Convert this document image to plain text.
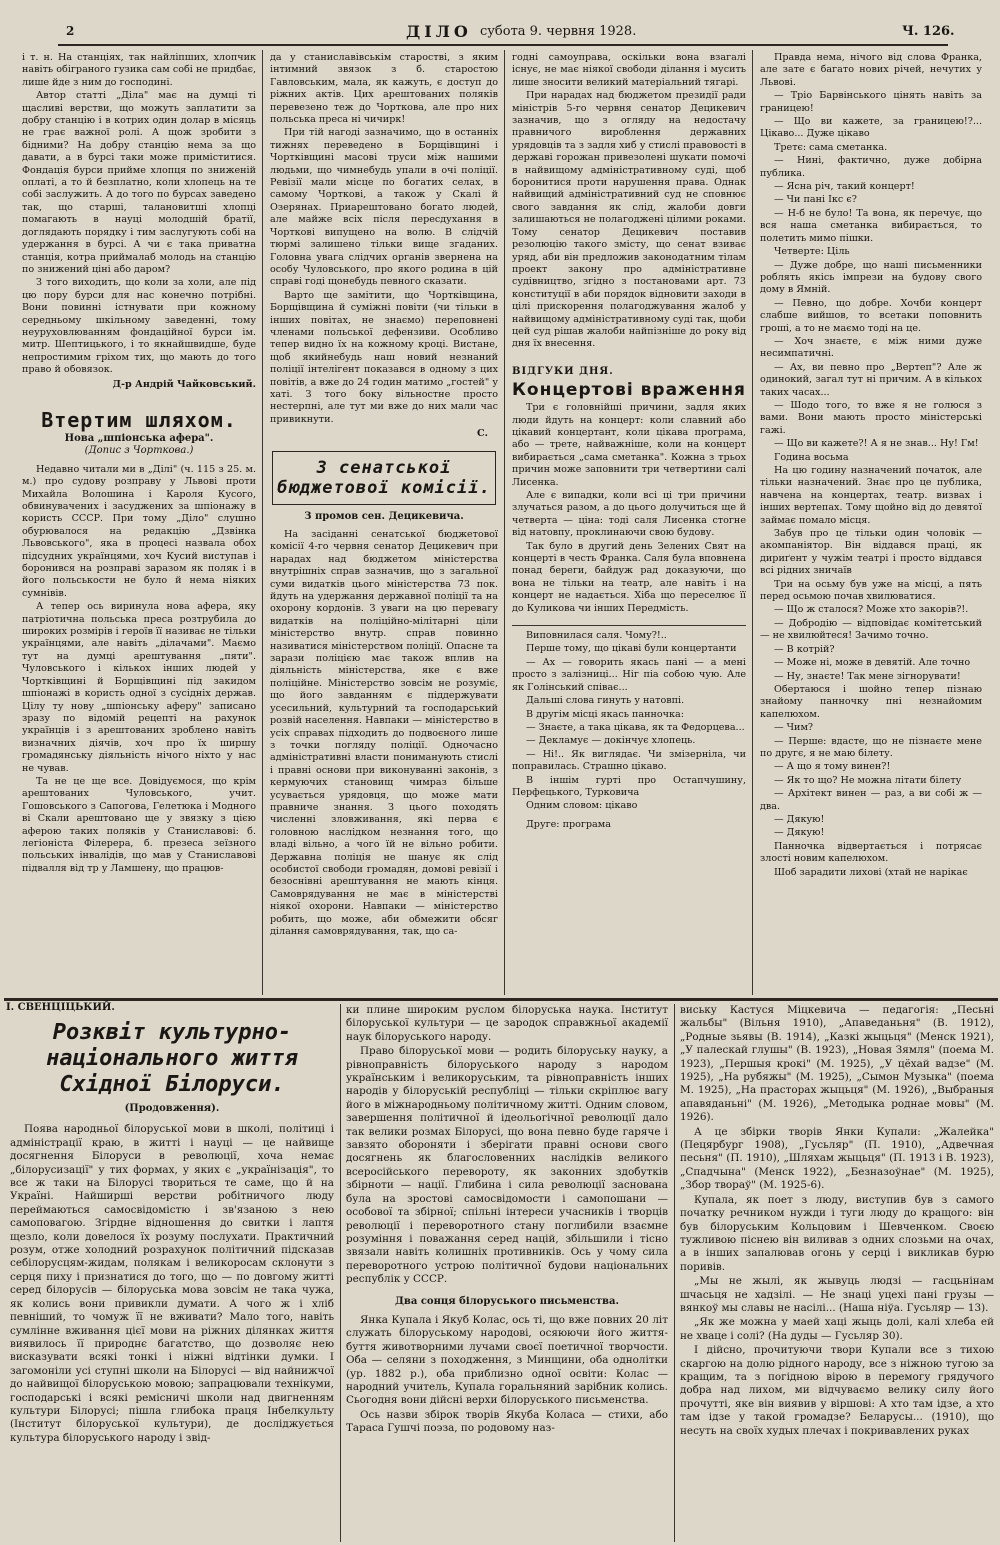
2	ДІЛО субота 9. червня 1928.	Ч. 126.

і т. н. На станціях, так найліпших, хлопчик навіть обіграного гузика сам собі не придбає, лише йде з ним до господині.

Автор статті „Діла" має на думці ті щасливі верстви, що можуть заплатити за добру станцію і в котрих один долар в місяць не грає важної ролі. А щож зробити з бідними? На добру станцію нема за що давати, а в бурсі таки може приміститися. Фондація бурси прийме хлопця по зниженій оплаті, а то й безплатно, коли хлопець на те собі заслужить. А до того по бурсах заведено так, що старші, талановитші хлопці помагають в науці молодшій братії, доглядають порядку і тим заслугують собі на удержання в бурсі. А чи є така приватна станція, котра приймалаб молодь на станцію по знижений ціні або даром?

З того виходить, що коли за холи, але під цю пору бурси для нас конечно потрібні. Вони повинні істнувати при кожному середньому шкільному заведенні, тому неуруховлюванням фондаційної бурси ім. митр. Шептицького, і то якнайшвидше, буде непростимим гріхом тих, що мають до того право й обовязок.

Д-р Андрій Чайковський.
Втертим шляхом.
Нова „шпіонська афера".
(Допис з Чорткова.)

Недавно читали ми в „Ділі" (ч. 115 з 25. м. м.) про судову розправу у Львові проти Михайла Волошина і Кароля Кусого, обвинувачених і засуджених за шпіонажу в користь СССР. При тому „Діло" слушно обурювалося на редакцію „Дзвінка Львовського", яка в процесі назвала обох підсудних українцями, хоч Кусий виступав і боронився на розправі заразом як поляк і в його польськости не було й нема ніяких сумнівів.

А тепер ось виринула нова афера, яку патріотична польська преса розтрубила до широких розмірів і героїв її називає не тільки українцями, але навіть „ділачами". Маємо тут на думці арештування „пяти". Чуловського і кількох інших людей у Чортківщині й Борщівщині під закидом шпіонажі в користь одної з сусідніх держав. Цілу ту нову „шпіонську аферу" записано зразу по відомій рецепті на рахунок українців і з арештованих зроблено навіть визначних діячів, хоч про їх ширшу громадянську діяльність нічого ніхто у нас не чував.

Та не це ще все. Довідуємося, що крім арештованих Чуловського, учит. Гошовського з Сапогова, Гелетюка і Модного ві Скали арештовано ще у звязку з цією аферою таких поляків у Станиславові: б. легіоніста Філерера, б. презеса зеїзного польських інвалідів, що мав у Станиславові підвалля від тр у Ламшену, що працюв-

да у станиславівськім старостві, з яким інтимний звязок з б. старостою Гавловським, мала, як кажуть, є доступ до ріжних актів. Цих арештованих поляків перевезено теж до Чорткова, але про них польська преса ні чичирк!

При тій нагоді зазначимо, що в останніх тижнях переведено в Борщівщині і Чортківщині масові труси між нашими людьми, що чимнебудь упали в очі поліції. Ревізії мали місце по богатих селах, в самому Чорткові, а також у Скалі й Озерянах. Приарештовано богато людей, але майже всіх після пересдухання в Чорткові випущено на волю. В слідчій тюрмі залишено тільки вище згаданих. Головна увага слідчих органів звернена на особу Чуловського, про якого родина в цій справі годі щонебудь певного сказати.

Варто ще замітити, що Чортківщина, Борщівщина й суміжні повіти (чи тільки в інших повітах, не знаємо) переповнені членами польської дефензиви. Особливо тепер видно їх на кожному кроці. Вистане, щоб якийнебудь наш новий незнаний поліції інтелігент показався в одному з цих повітів, а вже до 24 годин матимо „гостей" у хаті. З того боку вільностне просто нестерпні, але тут ми вже до них мали час привикнути.

С.
З сенатської бюджетової комісії.
З промов сен. Децикевича.

На засіданні сенатської бюджетової комісії 4-го червня сенатор Децикевич при нарадах над бюджетом міністерства внутрішніх справ зазначив, що з загальної суми видатків цього міністерства 73 пок. йдуть на удержання державної поліції та на охорону кордонів. З уваги на цю перевагу видатків на поліційно-мілітарні ціли міністерство внутр. справ повинно називатися міністерством поліції. Опасне та зарази поліцією має також вплив на діяльність міністерства, яке є вже поліційне. Міністерство зовсім не розуміє, що його завданням є піддержувати усесильний, культурний та господарський розвій населення. Навпаки — міністерство в усіх справах підходить до подвоєного лише з точки погляду поліції. Одночасно адміністративні власти пониманують стислі і правні основи при виконуванні законів, з кермуючих становищ чимраз більше усувається урядовця, що може мати правниче знання. З цього походять численні зловживання, які перва є головною наслідком незнання того, що владі вільно, а чого їй не вільно робити. Державна поліція не шанує як слід особистої свободи громадян, домові ревізії і безоснівні арештування не мають кінця. Самоврядування не має в міністерстві ніякої охорони. Навпаки — міністерство робить, що може, аби обмежити обсяг ділання самоврядування, так, що са-

годні самоуправа, оскільки вона взагалі існує, не має ніякої свободи ділання і мусить лише зносити великий матеріальний тягарі.

При нарадах над бюджетом президії ради міністрів 5-го червня сенатор Децикевич зазначив, що з огляду на недостачу правничого вироблення державних урядовців та з задля хиб у стислі правовості в державі горожан привезолені шукати помочі в найвищому адміністративному суді, щоб боронитися проти нарушення права. Однак найвищий адміністративний суд не сповнює свого завдання як слід, жалоби довги залишаються не полагоджені цілими роками. Тому сенатор Децикевич поставив резолюцію такого змісту, що сенат взиває уряд, аби він предложив законодатним тілам проект закону про адміністративне судівництво, згідно з постановами арт. 73 конституції в аби порядок відновити заходи в цілі прискорення полагоджування жалоб у найвищому адміністративному суді так, щоби цей суд рішав жалоби найпізніше до року від дня їх внесення.

ВІДГУКИ ДНЯ.
Концертові враження

Три є головнійші причини, задля яких люди йдуть на концерт: коли славний або цікавий концертант, коли цікава програма, або — трете, найважніше, коли на концерт вибирається „сама сметанка". Кожна з трьох причин може заповнити три четвертини салі Лисенка.

Але є випадки, коли всі ці три причини злучаться разом, а до цього долучиться ще й четверта — ціна: тоді саля Лисенка стогне від натовпу, проклинаючи свою будову.

Так було в другий день Зелених Свят на концерті в честь Франка. Саля була вповнена понад береги, байдуж рад доказуючи, що вона не тільки на театр, але навіть і на концерт не надається. Хіба що переселює її до Куликова чи інших Передмість.

Виповнилася саля. Чому?!..

Перше тому, що цікаві були концертанти

— Ах — говорить якась пані — а мені просто з залізниці... Ніг піа собою чую. Але як Голінський співає...

Дальші слова гинуть у натовпі.

В другім місці якась панночка:

— Знаєте, а така цікава, як та Федорцева...

— Декламує — докінчує хлопець.

— Ні!.. Як виглядає. Чи змізерніла, чи поправилась. Страшно цікаво.

В іншім гурті про Остапчушину, Перфецького, Турковича

Одним словом: цікаво

Друге: програма

Правда нема, нічого від слова Франка, але зате є багато нових річей, нечутих у Львові.

— Тріо Барвінського цінять навіть за границею!

— Що ви кажете, за границею!?... Цікаво... Дуже цікаво

Третє: сама сметанка.

— Нині, фактично, дуже добірна публика.

— Ясна річ, такий концерт!

— Чи пані Ікс є?

— Н-б не було! Та вона, як перечує, що вся наша сметанка вибирається, то полетить мимо пішки.

Четверте: Ціль

— Дуже добре, що наші письменники роблять якісь імпрези на будову свого дому в Ямній.

— Певно, що добре. Хочби концерт слабше вийшов, то всетаки поповнить гроші, а то не маємо тоді на це.

— Хоч знаєте, є між ними дуже несимпатичні.

— Ах, ви певно про „Вертеп"? Але ж одинокий, загал тут ні причим. А в кількох таких часах...

— Шодо того, то вже я не голюся з вами. Вони мають просто міністерські гажі.

— Що ви кажете?! А я не знав... Ну! Гм!

Година восьма

На цю годину назначений початок, але тільки назначений. Знає про це публика, навчена на концертах, театр. визвах і інших вертепах. Тому щойно від до девятої займає помало місця.

Забув про це тільки один чоловік — акомпаніятор. Він віддався праці, як дириґент у чужім театрі і просто віддався всі рідних зничаїв

Три на осьму був уже на місці, а пять перед осьмою почав хвилюватися.

— Що ж сталося? Може хто закорів?!.

— Добродію — відповідає комітетський — не хвилюйтеся! Зачимо точно.

— В котрій?

— Може ні, може в девятій. Але точно

— Ну, знаєте! Так мене зігнорувати!

Обертаюся і шойно тепер пізнаю знайому панночку пні незнайомим капелюхом.

— Чим?

— Перше: вдасте, що не пізнаєте мене по другє, я не маю білету.

— А що я тому винен?!

— Як то що? Не можна літати білету

— Архітект винен — раз, а ви собі ж — два.

— Дякую!

— Дякую!

Панночка відвертається і потрясає злості новим капелюхом.

Шоб зарадити лихові (хтай не нарікає

І. СВЕНЦІЦЬКИЙ.
Розквіт культурно-національного життя Східної Білоруси.
(Продовження).

Поява народньої білоруської мови в школі, політиці і адміністрації краю, в житті і науці — це найвище досягнення Білоруси в революції, хоча немає „білорусизації" у тих формах, у яких є „українізація", то все ж таки на Білорусі твориться те саме, що й на Україні. Найширші верстви робітничого люду переймаються самосвідомістю і зв'язаною з нею самоповагою. Згірдне відношення до свитки і лаптя щезло, коли довелося їх розуму послухати. Практичний розум, отже холодний розрахунок політичний підсказав себілорусцям-жидам, полякам і великоросам склонути з серця пиху і признатися до того, що — по довгому житті серед білорусів — білоруська мова зовсім не така чужа, як колись вони привикли думати. А чого ж і хліб певніший, то чомуж її не вживати? Мало того, навіть сумлінне вживання цієї мови на ріжних ділянках життя виявилось її природнє багатство, що дозволяє нею висказувати всякі тонкі і ніжні відтінки думки. І загомоніли усі ступні школи на Білорусі — від найнижчої до найвищої білоруською мовою; запрацювали технікуми, господарські і всякі ремісничі школи над двигненням культури Білорусі; пішла глибока праця Інбелкульту (Інститут білоруської культури), де досліджується культура білоруського народу і звід-

ки плине широким руслом білоруська наука. Інститут білоруської культури — це зародок справжньої академії наук білоруського народу.

Право білоруської мови — родить білоруську науку, а рівноправність білоруського народу з народом українським і великоруським, та рівноправність інших народів у білоруській республіці — тільки скріплює вагу його в міжнародньому політичному житті. Одним словом, завершення політичної й ідеольогічної революції дало так велики розмах Білорусі, що вона певно буде гаряче і завзято обороняти і зберігати правні основи свого досягнень як благословенних наслідків великого всеросійського перевороту, як законних здобутків збірноти — нації. Глибина і сила революції заснована була на зростові самосвідомости і самопошани — особової та збірної; спільні інтереси учасників і творців революції і переворотного стану поглибили взаємне розуміння і поважання серед націй, збільшили і тісно звязали навіть колишніх противників. Ось у чому сила переворотного устрою політичної будови національних республік у СССР.

Два сонця білоруського письменства.

Янка Купала і Якуб Колас, ось ті, що вже повних 20 літ служать білоруському народові, осяюючи його життя-буття животворними лучами своєї поетичної творчости. Оба — селяни з походження, з Минщини, оба однолітки (ур. 1882 р.), оба приблизно одної освіти: Колас — народний учитель, Купала горальняний зарібник колись. Сьогодня вони дійсні верхи білоруського письменства.

Ось назви збірок творів Якуба Коласа — стихи, або Тараса Гушчі поэза, по родовому наз-

виську Кастуся Міцкевича — педагогія: „Песьні жальбы" (Вільня 1910), „Апаведаньня" (В. 1912), „Родные зьявы (В. 1914), „Казкі жыцьця" (Менск 1921), „У палескай глушы" (В. 1923), „Новая Зямля" (поема М. 1923), „Першыя крокі" (М. 1925), „У цёхай вадзе" (М. 1925), „На рубяжы" (М. 1925), „Сымон Музыка" (поема М. 1925), „На прасторах жыцьця" (М. 1926), „Выбраныя апавяданьні" (М. 1926), „Методыка роднае мовы" (М. 1926).

А це збірки творів Янки Купали: „Жалейка" (Пецярбург 1908), „Гусьляр" (П. 1910), „Адвечная песьня" (П. 1910), „Шляхам жыцьця" (П. 1913 і В. 1923), „Спадчына" (Менск 1922), „Безназоўнае" (М. 1925), „Збор твораў" (М. 1925-6).

Купала, як поет з люду, виступив був з самого початку речником нужди і туги люду до кращого: він був білоруським Кольцовим і Шевченком. Своєю тужливою піснею він виливав з одних слозьми на очах, а в інших запалював огонь у серці і викликав бурю поривів.

„Мы не жылі, як жывуць людзі — гасцьнінам шчасьця не хадзілі. — Не знаці уцехі пані грузы — вянкоў мы славы не насілі... (Наша ніўа. Гусьляр — 13).

„Як же можна у маей хаці жыць долі, калі хлеба ей не хваце і солі? (На дуды — Гусьляр 30).

І дійсно, прочитуючи твори Купали все з тихою скаргою на долю рідного народу, все з ніжною тугою за кращим, та з погідною вірою в перемогу грядучого добра над лихом, ми відчуваємо велику силу його прочутті, яке він виявив у віршові: А хто там ідзе, а хто там ідзе у такой громадзе? Беларусы... (1910), що несуть на своїх худых плечах і покривавлених руках
